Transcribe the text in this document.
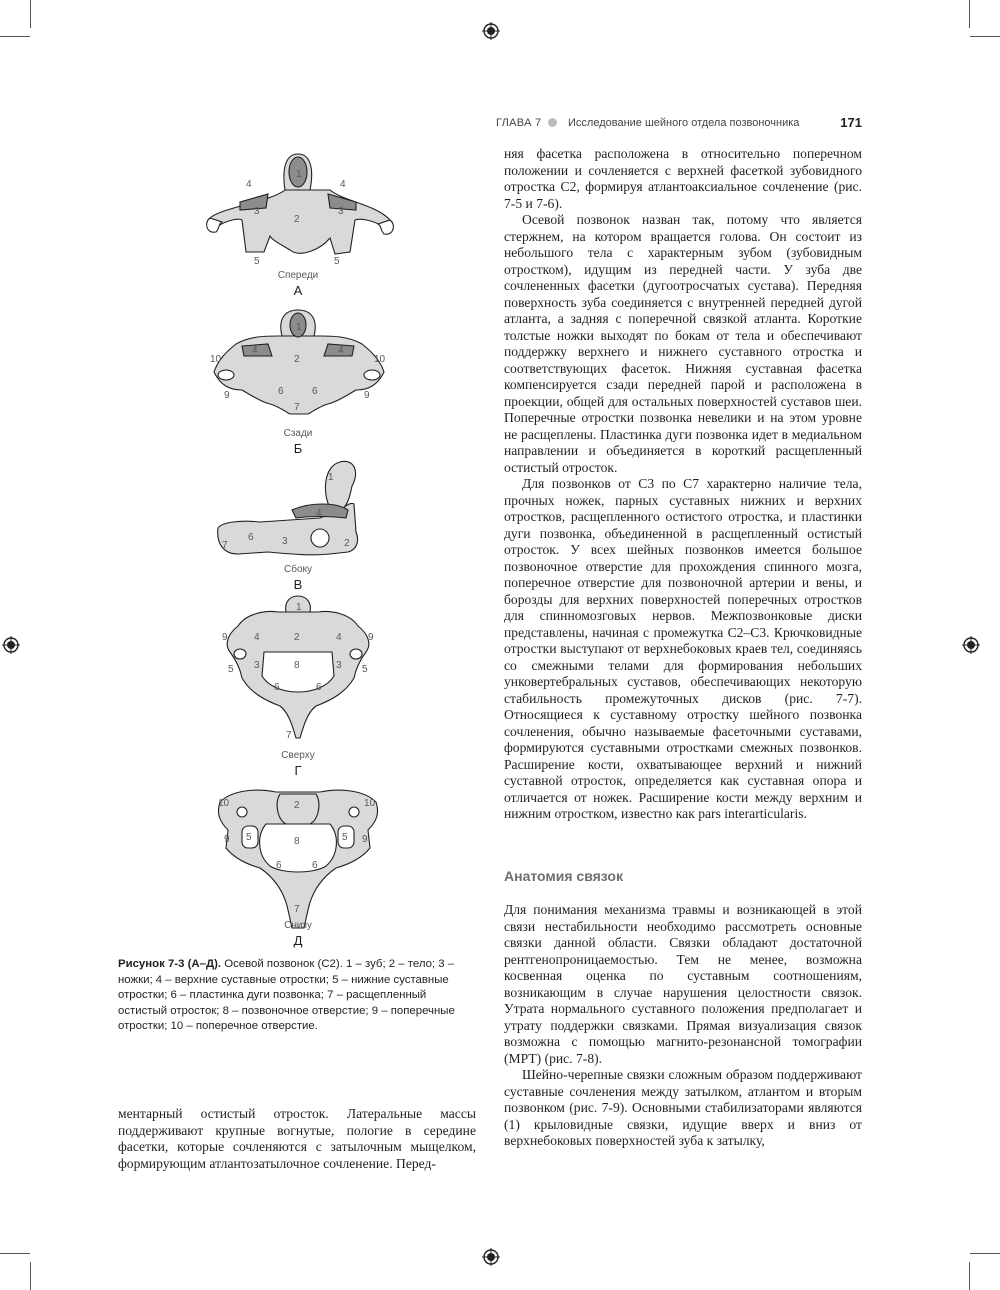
ГЛАВА 7 Исследование шейного отдела позвоночника	171
1
2
3	3
4	4
5	5
Спереди
А
1
2
4	4
6	6
7
9	9
10	10
Сзади
Б
1
2
3
4
6
7
Сбоку
В
1
2
3	3
4	4
5	5
8
6	6
7
9	9
Сверху
Г
2
8
5	5
6	6
7
9	9
10	10
Снизу
Д
Рисунок 7-3 (А–Д). Осевой позвонок (С2). 1 – зуб; 2 – тело; 3 – ножки; 4 – верхние суставные отростки; 5 – нижние суставные отростки; 6 – пластинка дуги позвонка; 7 – расщепленный остистый отросток; 8 – позвоночное отверстие; 9 – поперечные отростки; 10 – поперечное отверстие.

ментарный остистый отросток. Латеральные массы поддерживают крупные вогнутые, пологие в середине фасетки, которые сочленяются с затылочным мыщелком, формирующим атлантозатылочное сочленение. Перед-

няя фасетка расположена в относительно поперечном положении и сочленяется с верхней фасеткой зубовидного отростка С2, формируя атлантоаксиальное сочленение (рис. 7-5 и 7-6).

Осевой позвонок назван так, потому что является стержнем, на котором вращается голова. Он состоит из небольшого тела с характерным зубом (зубовидным отростком), идущим из передней части. У зуба две сочлененных фасетки (дугоотросчатых сустава). Передняя поверхность зуба соединяется с внутренней передней дугой атланта, а задняя с поперечной связкой атланта. Короткие толстые ножки выходят по бокам от тела и обеспечивают поддержку верхнего и нижнего суставного отростка и соответствующих фасеток. Нижняя суставная фасетка компенсируется сзади передней парой и расположена в проекции, общей для остальных поверхностей суставов шеи. Поперечные отростки позвонка невелики и на этом уровне не расщеплены. Пластинка дуги позвонка идет в медиальном направлении и объединяется в короткий расщепленный остистый отросток.

Для позвонков от С3 по С7 характерно наличие тела, прочных ножек, парных суставных нижних и верхних отростков, расщепленного остистого отростка, и пластинки дуги позвонка, объединенной в расщепленный остистый отросток. У всех шейных позвонков имеется большое позвоночное отверстие для прохождения спинного мозга, поперечное отверстие для позвоночной артерии и вены, и борозды для верхних поверхностей поперечных отростков для спинномозговых нервов. Межпозвонковые диски представлены, начиная с промежутка С2–С3. Крючковидные отростки выступают от верхнебоковых краев тел, соединяясь со смежными телами для формирования небольших унковертебральных суставов, обеспечивающих некоторую стабильность промежуточных дисков (рис. 7-7). Относящиеся к суставному отростку шейного позвонка сочленения, обычно называемые фасеточными суставами, формируются суставными отростками смежных позвонков. Расширение кости, охватывающее верхний и нижний суставной отросток, определяется как суставная опора и отличается от ножек. Расширение кости между верхним и нижним отростком, известно как pars interarticularis.

Анатомия связок

Для понимания механизма травмы и возникающей в этой связи нестабильности необходимо рассмотреть основные связки данной области. Связки обладают достаточной рентгенопроницаемостью. Тем не менее, возможна косвенная оценка по суставным соотношениям, возникающим в случае нарушения целостности связок. Утрата нормального суставного положения предполагает и утрату поддержки связками. Прямая визуализация связок возможна с помощью магнито-резонансной томографии (МРТ) (рис. 7-8).

Шейно-черепные связки сложным образом поддерживают суставные сочленения между затылком, атлантом и вторым позвонком (рис. 7-9). Основными стабилизаторами являются (1) крыловидные связки, идущие вверх и вниз от верхнебоковых поверхностей зуба к затылку,
